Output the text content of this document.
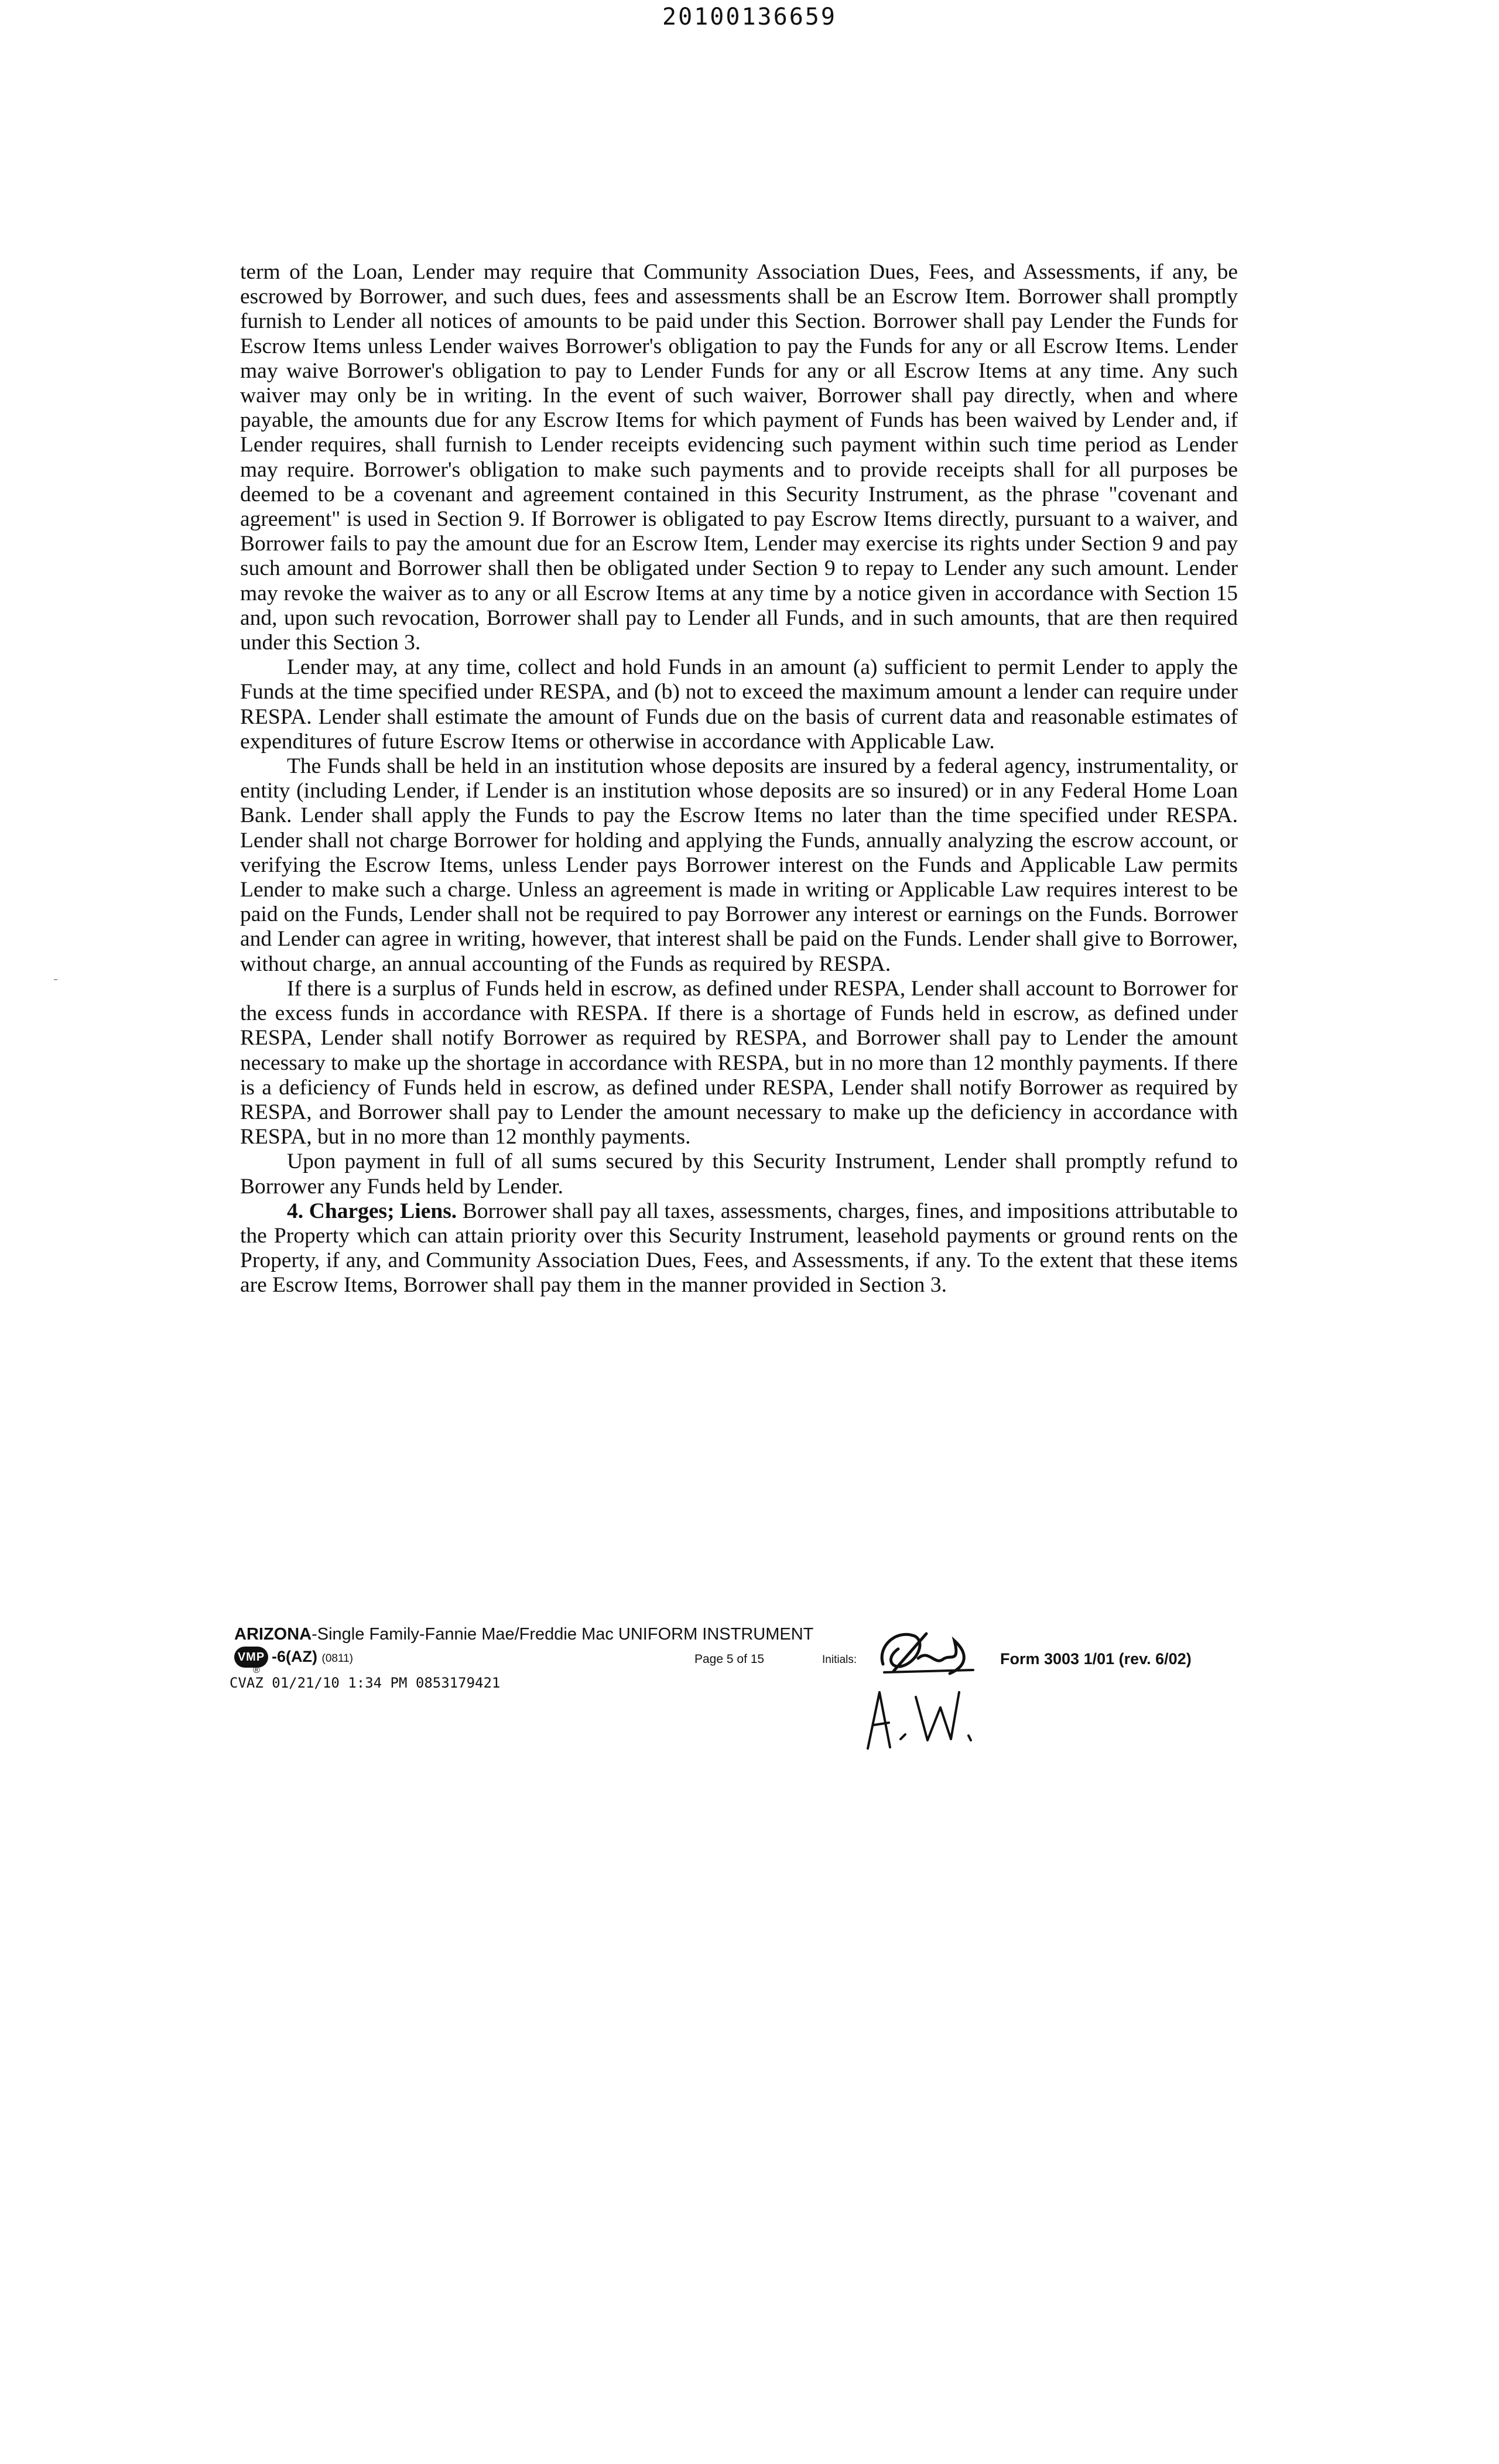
20100136659

term of the Loan, Lender may require that Community Association Dues, Fees, and Assessments, if any, be escrowed by Borrower, and such dues, fees and assessments shall be an Escrow Item. Borrower shall promptly furnish to Lender all notices of amounts to be paid under this Section. Borrower shall pay Lender the Funds for Escrow Items unless Lender waives Borrower's obligation to pay the Funds for any or all Escrow Items. Lender may waive Borrower's obligation to pay to Lender Funds for any or all Escrow Items at any time. Any such waiver may only be in writing. In the event of such waiver, Borrower shall pay directly, when and where payable, the amounts due for any Escrow Items for which payment of Funds has been waived by Lender and, if Lender requires, shall furnish to Lender receipts evidencing such payment within such time period as Lender may require. Borrower's obligation to make such payments and to provide receipts shall for all purposes be deemed to be a covenant and agreement contained in this Security Instrument, as the phrase "covenant and agreement" is used in Section 9. If Borrower is obligated to pay Escrow Items directly, pursuant to a waiver, and Borrower fails to pay the amount due for an Escrow Item, Lender may exercise its rights under Section 9 and pay such amount and Borrower shall then be obligated under Section 9 to repay to Lender any such amount. Lender may revoke the waiver as to any or all Escrow Items at any time by a notice given in accordance with Section 15 and, upon such revocation, Borrower shall pay to Lender all Funds, and in such amounts, that are then required under this Section 3.

Lender may, at any time, collect and hold Funds in an amount (a) sufficient to permit Lender to apply the Funds at the time specified under RESPA, and (b) not to exceed the maximum amount a lender can require under RESPA. Lender shall estimate the amount of Funds due on the basis of current data and reasonable estimates of expenditures of future Escrow Items or otherwise in accordance with Applicable Law.

The Funds shall be held in an institution whose deposits are insured by a federal agency, instrumentality, or entity (including Lender, if Lender is an institution whose deposits are so insured) or in any Federal Home Loan Bank. Lender shall apply the Funds to pay the Escrow Items no later than the time specified under RESPA. Lender shall not charge Borrower for holding and applying the Funds, annually analyzing the escrow account, or verifying the Escrow Items, unless Lender pays Borrower interest on the Funds and Applicable Law permits Lender to make such a charge. Unless an agreement is made in writing or Applicable Law requires interest to be paid on the Funds, Lender shall not be required to pay Borrower any interest or earnings on the Funds. Borrower and Lender can agree in writing, however, that interest shall be paid on the Funds. Lender shall give to Borrower, without charge, an annual accounting of the Funds as required by RESPA.

If there is a surplus of Funds held in escrow, as defined under RESPA, Lender shall account to Borrower for the excess funds in accordance with RESPA. If there is a shortage of Funds held in escrow, as defined under RESPA, Lender shall notify Borrower as required by RESPA, and Borrower shall pay to Lender the amount necessary to make up the shortage in accordance with RESPA, but in no more than 12 monthly payments. If there is a deficiency of Funds held in escrow, as defined under RESPA, Lender shall notify Borrower as required by RESPA, and Borrower shall pay to Lender the amount necessary to make up the deficiency in accordance with RESPA, but in no more than 12 monthly payments.

Upon payment in full of all sums secured by this Security Instrument, Lender shall promptly refund to Borrower any Funds held by Lender.

4. Charges; Liens. Borrower shall pay all taxes, assessments, charges, fines, and impositions attributable to the Property which can attain priority over this Security Instrument, leasehold payments or ground rents on the Property, if any, and Community Association Dues, Fees, and Assessments, if any. To the extent that these items are Escrow Items, Borrower shall pay them in the manner provided in Section 3.

ARIZONA-Single Family-Fannie Mae/Freddie Mac UNIFORM INSTRUMENT
VMP
®
-6(AZ) (0811)	Page 5 of 15	Initials:	Form 3003 1/01 (rev. 6/02)
CVAZ 01/21/10 1:34 PM 0853179421
